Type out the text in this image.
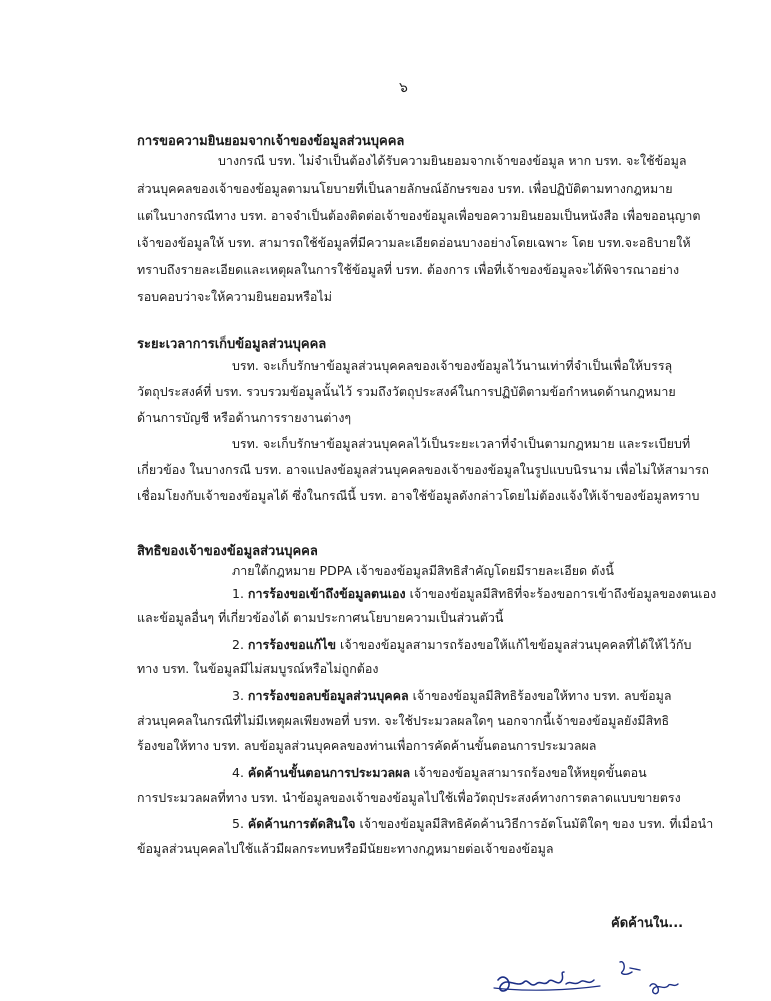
๖
การขอความยินยอมจากเจ้าของข้อมูลส่วนบุคคล
บางกรณี บรท. ไม่จำเป็นต้องได้รับความยินยอมจากเจ้าของข้อมูล หาก บรท. จะใช้ข้อมูล
ส่วนบุคคลของเจ้าของข้อมูลตามนโยบายที่เป็นลายลักษณ์อักษรของ บรท. เพื่อปฏิบัติตามทางกฎหมาย
แต่ในบางกรณีทาง บรท. อาจจำเป็นต้องติดต่อเจ้าของข้อมูลเพื่อขอความยินยอมเป็นหนังสือ เพื่อขออนุญาต
เจ้าของข้อมูลให้ บรท. สามารถใช้ข้อมูลที่มีความละเอียดอ่อนบางอย่างโดยเฉพาะ โดย บรท.จะอธิบายให้
ทราบถึงรายละเอียดและเหตุผลในการใช้ข้อมูลที่ บรท. ต้องการ เพื่อที่เจ้าของข้อมูลจะได้พิจารณาอย่าง
รอบคอบว่าจะให้ความยินยอมหรือไม่
ระยะเวลาการเก็บข้อมูลส่วนบุคคล
บรท. จะเก็บรักษาข้อมูลส่วนบุคคลของเจ้าของข้อมูลไว้นานเท่าที่จำเป็นเพื่อให้บรรลุ
วัตถุประสงค์ที่ บรท. รวบรวมข้อมูลนั้นไว้ รวมถึงวัตถุประสงค์ในการปฏิบัติตามข้อกำหนดด้านกฎหมาย
ด้านการบัญชี หรือด้านการรายงานต่างๆ
บรท. จะเก็บรักษาข้อมูลส่วนบุคคลไว้เป็นระยะเวลาที่จำเป็นตามกฎหมาย และระเบียบที่
เกี่ยวข้อง ในบางกรณี บรท. อาจแปลงข้อมูลส่วนบุคคลของเจ้าของข้อมูลในรูปแบบนิรนาม เพื่อไม่ให้สามารถ
เชื่อมโยงกับเจ้าของข้อมูลได้ ซึ่งในกรณีนี้ บรท. อาจใช้ข้อมูลดังกล่าวโดยไม่ต้องแจ้งให้เจ้าของข้อมูลทราบ
สิทธิของเจ้าของข้อมูลส่วนบุคคล
ภายใต้กฎหมาย PDPA เจ้าของข้อมูลมีสิทธิสำคัญโดยมีรายละเอียด ดังนี้
1. การร้องขอเข้าถึงข้อมูลตนเอง เจ้าของข้อมูลมีสิทธิที่จะร้องขอการเข้าถึงข้อมูลของตนเอง
และข้อมูลอื่นๆ ที่เกี่ยวข้องได้ ตามประกาศนโยบายความเป็นส่วนตัวนี้
2. การร้องขอแก้ไข เจ้าของข้อมูลสามารถร้องขอให้แก้ไขข้อมูลส่วนบุคคลที่ได้ให้ไว้กับ
ทาง บรท. ในข้อมูลมีไม่สมบูรณ์หรือไม่ถูกต้อง
3. การร้องขอลบข้อมูลส่วนบุคคล เจ้าของข้อมูลมีสิทธิร้องขอให้ทาง บรท. ลบข้อมูล
ส่วนบุคคลในกรณีที่ไม่มีเหตุผลเพียงพอที่ บรท. จะใช้ประมวลผลใดๆ นอกจากนี้เจ้าของข้อมูลยังมีสิทธิ
ร้องขอให้ทาง บรท. ลบข้อมูลส่วนบุคคลของท่านเพื่อการคัดค้านขั้นตอนการประมวลผล
4. คัดค้านขั้นตอนการประมวลผล เจ้าของข้อมูลสามารถร้องขอให้หยุดขั้นตอน
การประมวลผลที่ทาง บรท. นำข้อมูลของเจ้าของข้อมูลไปใช้เพื่อวัตถุประสงค์ทางการตลาดแบบขายตรง
5. คัดค้านการตัดสินใจ เจ้าของข้อมูลมีสิทธิคัดค้านวิธีการอัตโนมัติใดๆ ของ บรท. ที่เมื่อนำ
ข้อมูลส่วนบุคคลไปใช้แล้วมีผลกระทบหรือมีนัยยะทางกฎหมายต่อเจ้าของข้อมูล
คัดค้านใน...
